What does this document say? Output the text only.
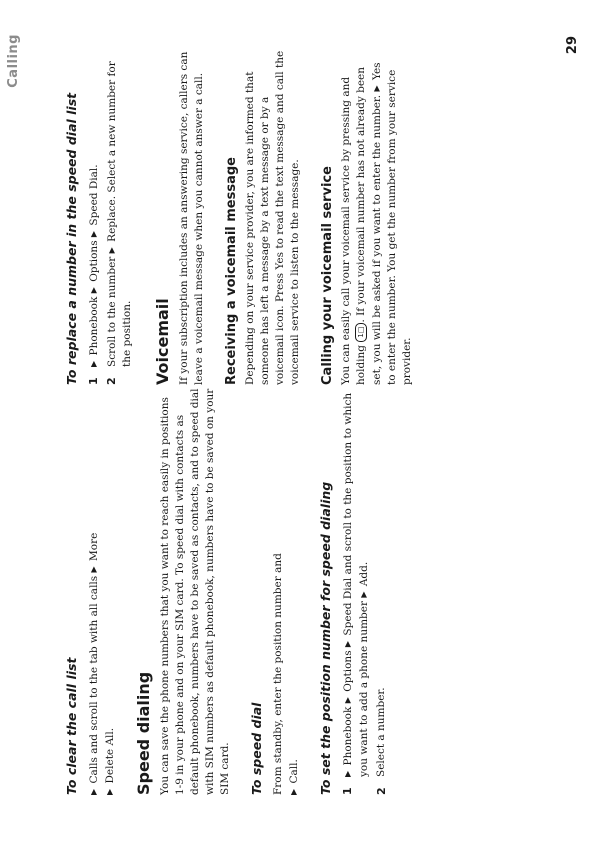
Calling	29
To clear the call list	▶ Calls and scroll to the tab with all calls ▶ More

▶ Delete All. Speed dialing You can save the phone numbers that you want to reach easily in positions 1-9 in your phone and on your SIM card. To speed dial with contacts as default phonebook, numbers have to be saved as contacts, and to speed dial with SIM numbers as default phonebook, numbers have to be saved on your SIM card. To speed dial From standby, enter the position number and ▶ Call. To set the position number for speed dialing 1
▶ Phonebook ▶ Options ▶ Speed Dial and scroll to the position to which you want to add a phone number ▶ Add.
2
Select a number.
To replace a number in the speed dial list 1
▶ Phonebook ▶ Options ▶ Speed Dial.
2
Scroll to the number ▶ Replace. Select a new number for the position. Voicemail If your subscription includes an answering service, callers can leave a voicemail message when you cannot answer a call. Receiving a voicemail message Depending on your service provider, you are informed that someone has left a message by a text message or by a voicemail icon. Press Yes to read the text message and call the voicemail service to listen to the message. Calling your voicemail service You can easily call your voicemail service by pressing and holding 1□. If your voicemail number has not already been set, you will be asked if you want to enter the number. ▶ Yes to enter the number. You get the number from your service provider.
